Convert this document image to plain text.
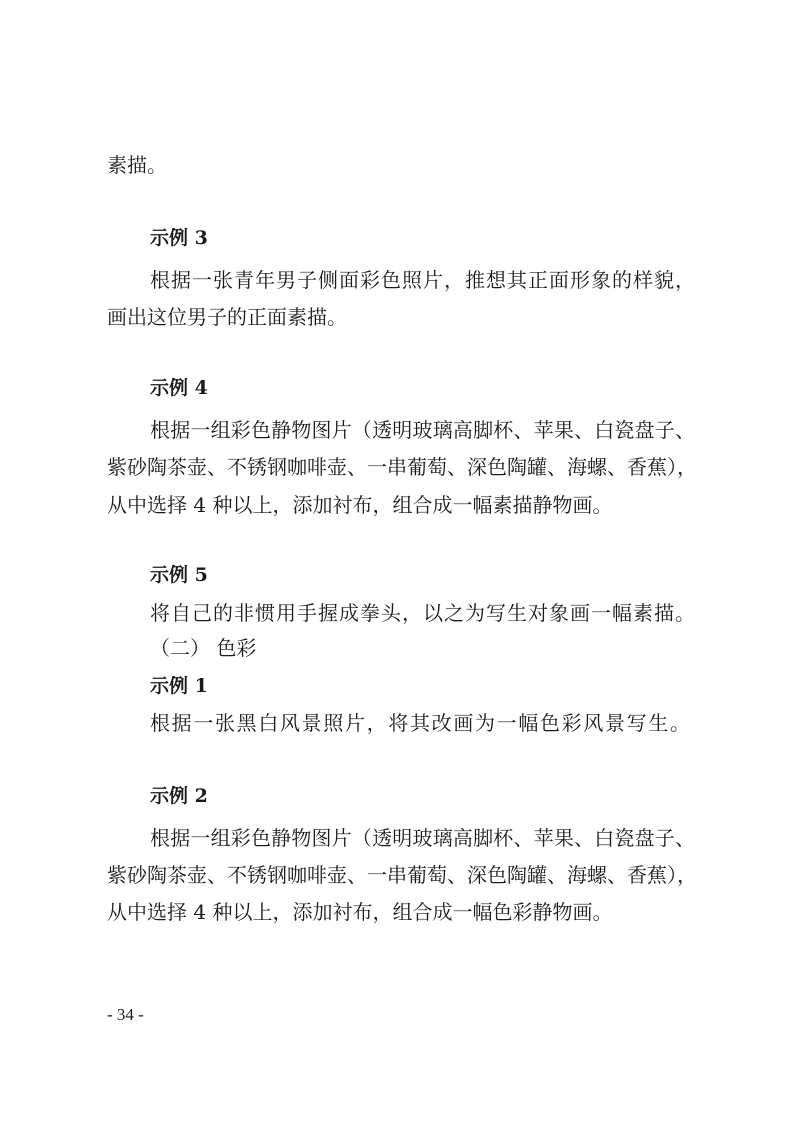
素描。
示例 3
根据一张青年男子侧面彩色照片，推想其正面形象的样貌，
画出这位男子的正面素描。
示例 4
根据一组彩色静物图片（透明玻璃高脚杯、苹果、白瓷盘子、
紫砂陶茶壶、不锈钢咖啡壶、一串葡萄、深色陶罐、海螺、香蕉），
从中选择 4 种以上，添加衬布，组合成一幅素描静物画。
示例 5
将自己的非惯用手握成拳头，以之为写生对象画一幅素描。
（二） 色彩
示例 1
根据一张黑白风景照片，将其改画为一幅色彩风景写生。
示例 2
根据一组彩色静物图片（透明玻璃高脚杯、苹果、白瓷盘子、
紫砂陶茶壶、不锈钢咖啡壶、一串葡萄、深色陶罐、海螺、香蕉），
从中选择 4 种以上，添加衬布，组合成一幅色彩静物画。
- 34 -
